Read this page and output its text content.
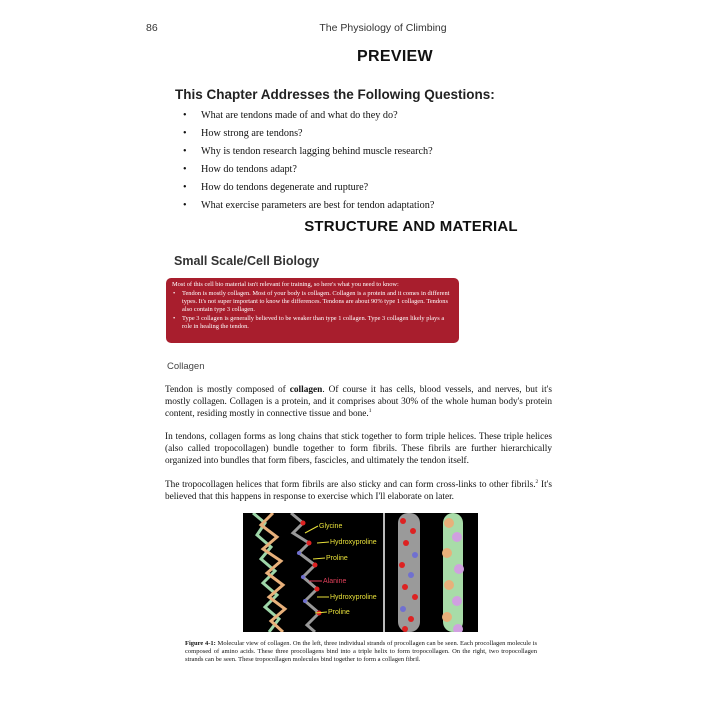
86	The Physiology of Climbing
PREVIEW
This Chapter Addresses the Following Questions:
• What are tendons made of and what do they do?
• How strong are tendons?
• Why is tendon research lagging behind muscle research?
• How do tendons adapt?
• How do tendons degenerate and rupture?
• What exercise parameters are best for tendon adaptation?
STRUCTURE AND MATERIAL
Small Scale/Cell Biology

Most of this cell bio material isn't relevant for training, so here's what you need to know:

• Tendon is mostly collagen. Most of your body is collagen. Collagen is a protein and it comes in different types. It's not super important to know the differences. Tendons are about 90% type 1 collagen. Tendons also contain type 3 collagen.
• Type 3 collagen is generally believed to be weaker than type 1 collagen. Type 3 collagen likely plays a role in healing the tendon.
Collagen
Tendon is mostly composed of collagen. Of course it has cells, blood vessels, and nerves, but it's mostly collagen. Collagen is a protein, and it comprises about 30% of the whole human body's protein content, residing mostly in connective tissue and bone.$^1$
In tendons, collagen forms as long chains that stick together to form triple helices. These triple helices (also called tropocollagen) bundle together to form fibrils. These fibrils are further hierarchically organized into bundles that form fibers, fascicles, and ultimately the tendon itself.
The tropocollagen helices that form fibrils are also sticky and can form cross-links to other fibrils.$^2$ It's believed that this happens in response to exercise which I'll elaborate on later.
Glycine
Hydroxyproline
Proline
Alanine
Hydroxyproline
Proline
Figure 4-1: Molecular view of collagen. On the left, three individual strands of procollagen can be seen. Each procollagen molecule is composed of amino acids. These three procollagens bind into a triple helix to form tropocollagen. On the right, two tropocollagen strands can be seen. These tropocollagen molecules bind together to form a collagen fibril.
